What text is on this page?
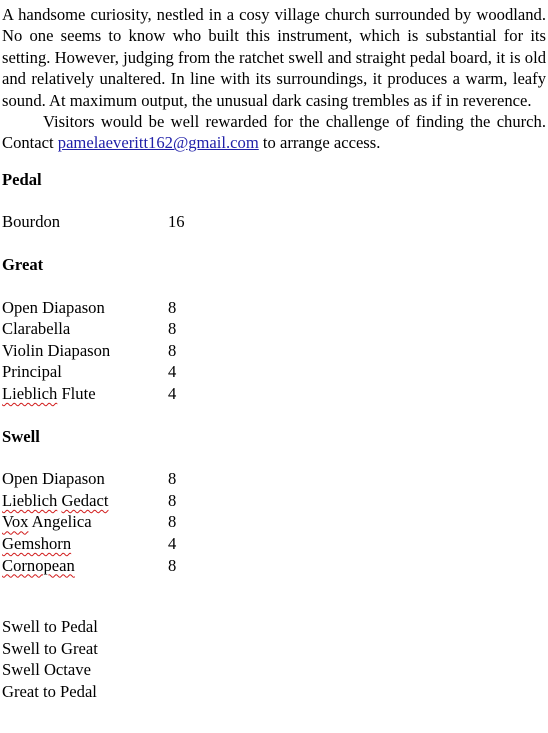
A handsome curiosity, nestled in a cosy village church surrounded by woodland. No one seems to know who built this instrument, which is substantial for its setting. However, judging from the ratchet swell and straight pedal board, it is old and relatively unaltered. In line with its surroundings, it produces a warm, leafy sound. At maximum output, the unusual dark casing trembles as if in reverence.

Visitors would be well rewarded for the challenge of finding the church. Contact pamelaeveritt162@gmail.com to arrange access.

Pedal
Bourdon	16
Great
Open Diapason	8
Clarabella	8
Violin Diapason	8
Principal	4
Lieblich Flute	4
Swell
Open Diapason	8
Lieblich Gedact	8
Vox Angelica	8
Gemshorn	4
Cornopean	8
Swell to Pedal
Swell to Great
Swell Octave
Great to Pedal
